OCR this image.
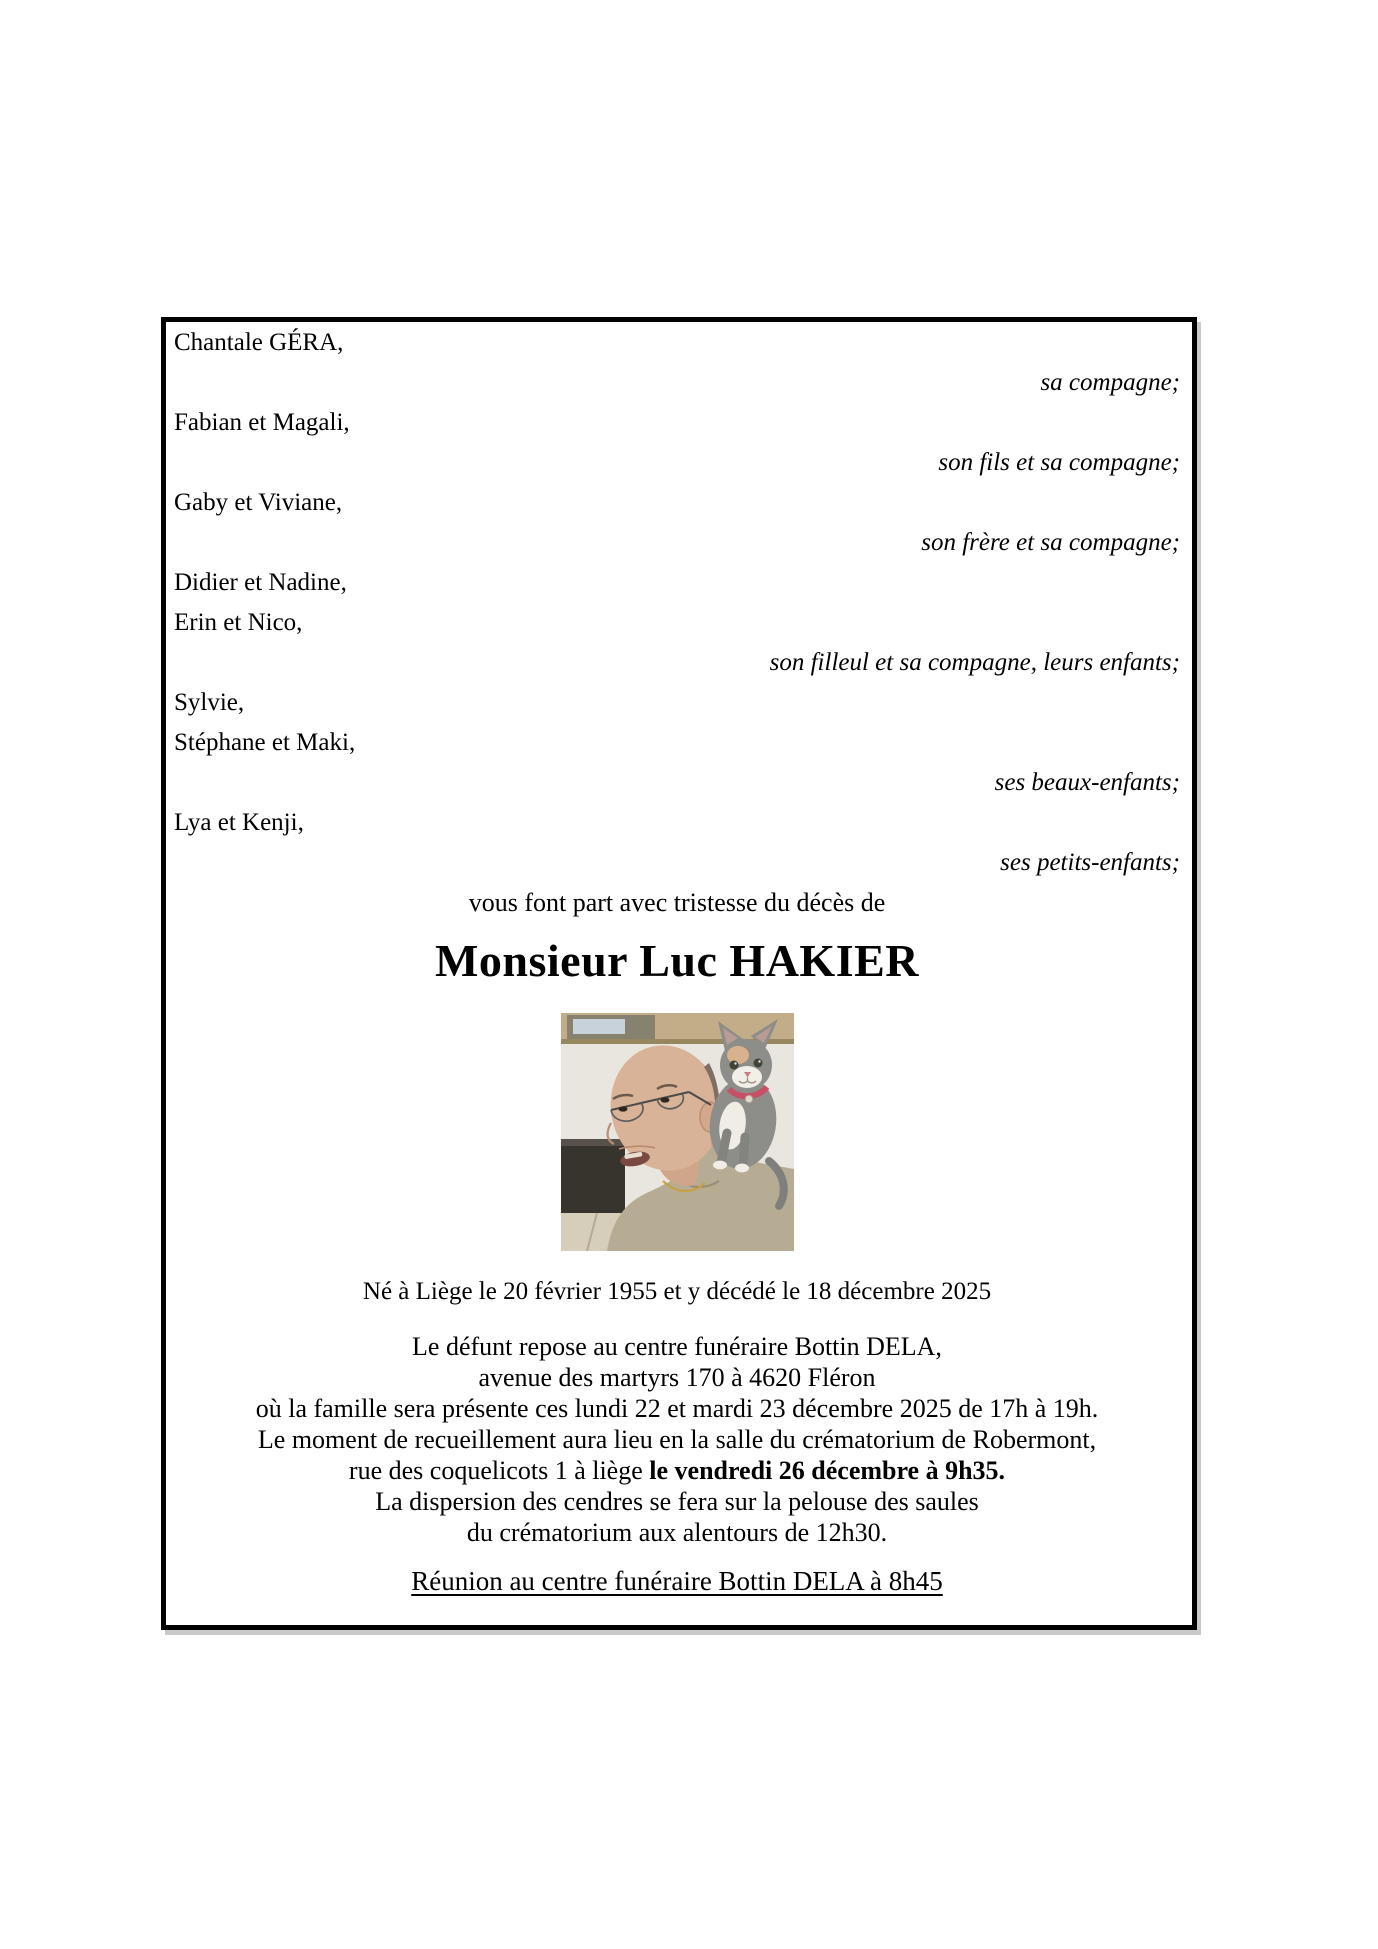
Chantale GÉRA,
sa compagne;
Fabian et Magali,
son fils et sa compagne;
Gaby et Viviane,
son frère et sa compagne;
Didier et Nadine,
Erin et Nico,
son filleul et sa compagne, leurs enfants;
Sylvie,
Stéphane et Maki,
ses beaux-enfants;
Lya et Kenji,
ses petits-enfants;
vous font part avec tristesse du décès de
Monsieur Luc HAKIER
Né à Liège le 20 février 1955 et y décédé le 18 décembre 2025
Le défunt repose au centre funéraire Bottin DELA,
avenue des martyrs 170 à 4620 Fléron
où la famille sera présente ces lundi 22 et mardi 23 décembre 2025 de 17h à 19h.
Le moment de recueillement aura lieu en la salle du crématorium de Robermont,
rue des coquelicots 1 à liège le vendredi 26 décembre à 9h35.
La dispersion des cendres se fera sur la pelouse des saules
du crématorium aux alentours de 12h30.
Réunion au centre funéraire Bottin DELA à 8h45
